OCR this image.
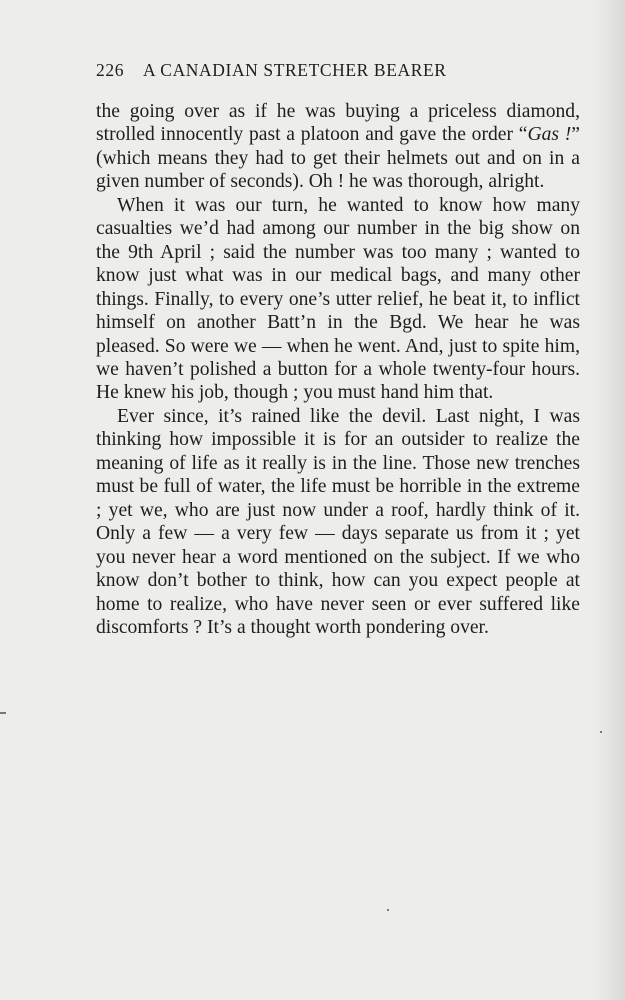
226 A CANADIAN STRETCHER BEARER

the going over as if he was buying a priceless diamond, strolled innocently past a platoon and gave the order “Gas !” (which means they had to get their helmets out and on in a given number of seconds). Oh ! he was thorough, alright.

When it was our turn, he wanted to know how many casualties we’d had among our number in the big show on the 9th April ; said the number was too many ; wanted to know just what was in our medical bags, and many other things. Finally, to every one’s utter relief, he beat it, to inflict himself on another Batt’n in the Bgd. We hear he was pleased. So were we — when he went. And, just to spite him, we haven’t polished a button for a whole twenty-four hours. He knew his job, though ; you must hand him that.

Ever since, it’s rained like the devil. Last night, I was thinking how impossible it is for an outsider to realize the meaning of life as it really is in the line. Those new trenches must be full of water, the life must be horrible in the extreme ; yet we, who are just now under a roof, hardly think of it. Only a few — a very few — days separate us from it ; yet you never hear a word mentioned on the subject. If we who know don’t bother to think, how can you expect people at home to realize, who have never seen or ever suffered like discomforts ? It’s a thought worth pondering over.
